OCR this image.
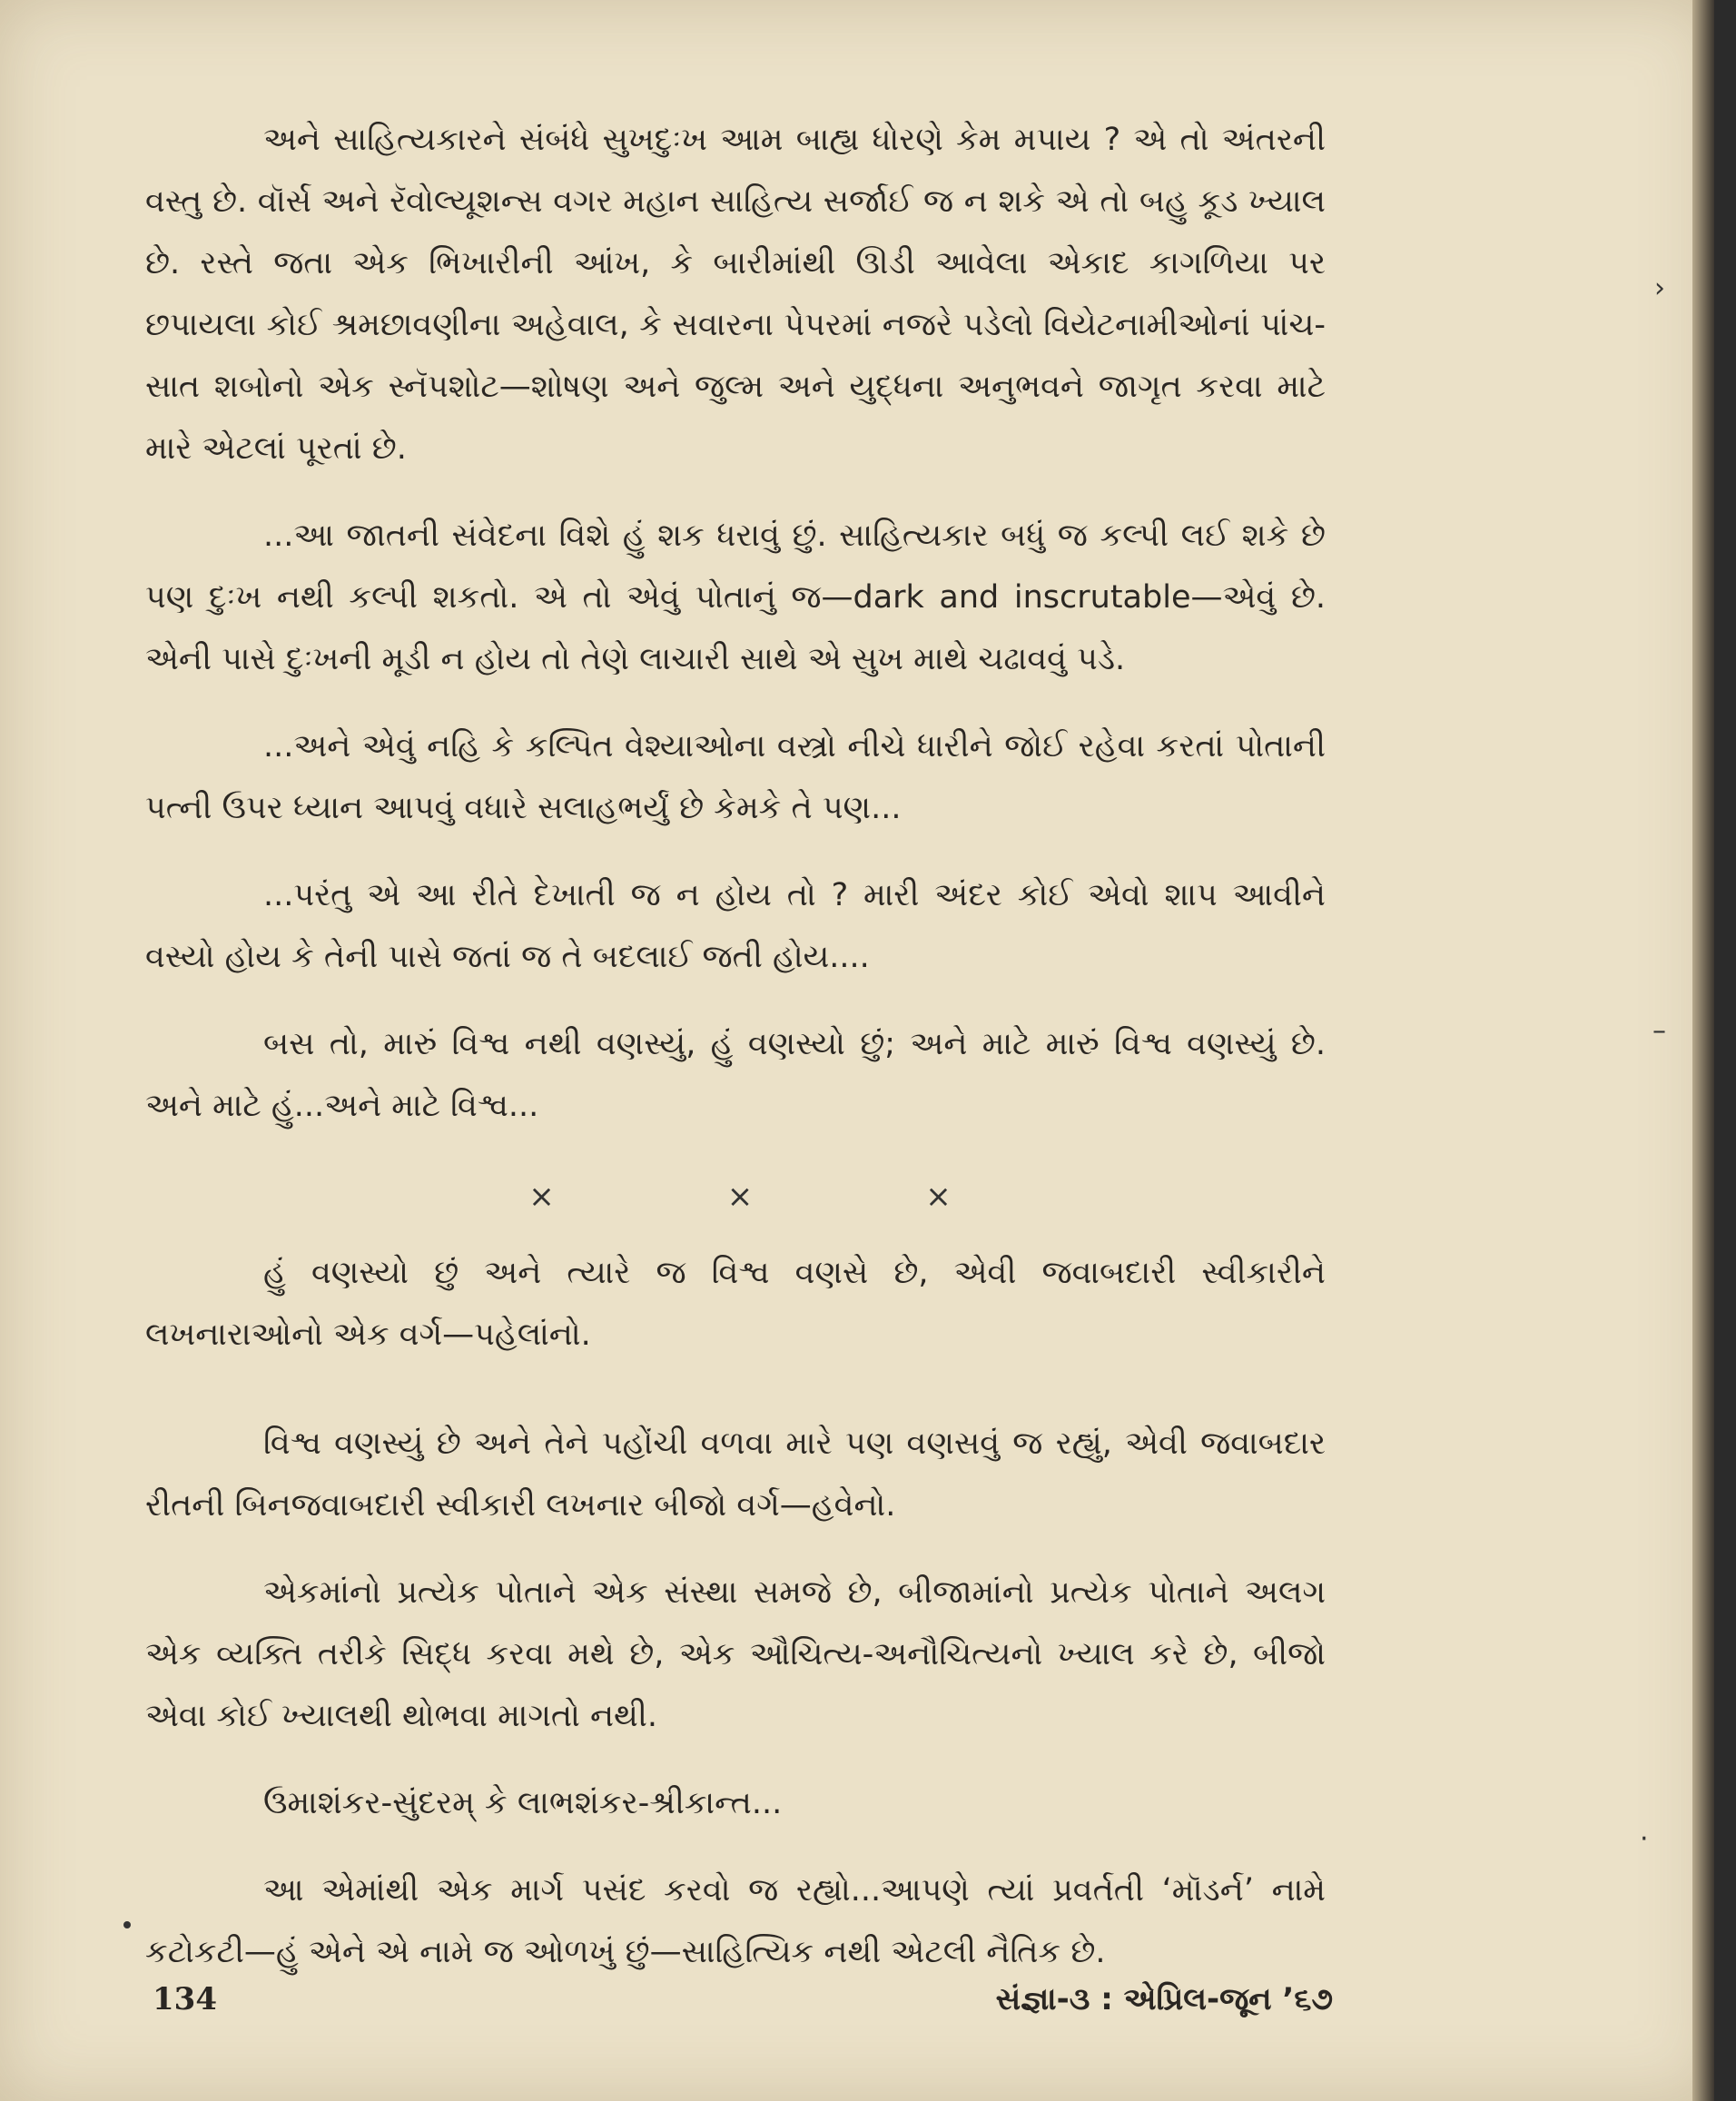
અને સાહિત્યકારને સંબંધે સુખદુઃખ આમ બાહ્ય ધોરણે કેમ મપાય ? એ તો અંતરની વસ્તુ છે. વૉર્સ અને રૅવોલ્યૂશન્સ વગર મહાન સાહિત્ય સર્જાઈ જ ન શકે એ તો બહુ કૂડ ખ્યાલ છે. રસ્તે જતા એક ભિખારીની આંખ, કે બારીમાંથી ઊડી આવેલા એકાદ કાગળિયા પર છપાયલા કોઈ શ્રમછાવણીના અહેવાલ, કે સવારના પેપરમાં નજરે પડેલો વિયેટનામીઓનાં પાંચ-સાત શબોનો એક સ્નૅપશોટ—શોષણ અને જુલ્મ અને યુદ્ધના અનુભવને જાગૃત કરવા માટે મારે એટલાં પૂરતાં છે.

...આ જાતની સંવેદના વિશે હું શક ધરાવું છું. સાહિત્યકાર બધું જ કલ્પી લઈ શકે છે પણ દુઃખ નથી કલ્પી શકતો. એ તો એવું પોતાનું જ—dark and inscrutable—એવું છે. એની પાસે દુઃખની મૂડી ન હોય તો તેણે લાચારી સાથે એ સુખ માથે ચઢાવવું પડે.

...અને એવું નહિ કે કલ્પિત વેશ્યાઓના વસ્ત્રો નીચે ધારીને જોઈ રહેવા કરતાં પોતાની પત્ની ઉપર ધ્યાન આપવું વધારે સલાહભર્યું છે કેમકે તે પણ...

...પરંતુ એ આ રીતે દેખાતી જ ન હોય તો ? મારી અંદર કોઈ એવો શાપ આવીને વસ્યો હોય કે તેની પાસે જતાં જ તે બદલાઈ જતી હોય....

બસ તો, મારું વિશ્વ નથી વણસ્યું, હું વણસ્યો છું; અને માટે મારું વિશ્વ વણસ્યું છે. અને માટે હું...અને માટે વિશ્વ...

×	×	×

હું વણસ્યો છું અને ત્યારે જ વિશ્વ વણસે છે, એવી જવાબદારી સ્વીકારીને લખનારાઓનો એક વર્ગ—પહેલાંનો.

વિશ્વ વણસ્યું છે અને તેને પહોંચી વળવા મારે પણ વણસવું જ રહ્યું, એવી જવાબદાર રીતની બિનજવાબદારી સ્વીકારી લખનાર બીજો વર્ગ—હવેનો.

એકમાંનો પ્રત્યેક પોતાને એક સંસ્થા સમજે છે, બીજામાંનો પ્રત્યેક પોતાને અલગ એક વ્યક્તિ તરીકે સિદ્ધ કરવા મથે છે, એક ઔચિત્ય-અનૌચિત્યનો ખ્યાલ કરે છે, બીજો એવા કોઈ ખ્યાલથી થોભવા માગતો નથી.

ઉમાશંકર-સુંદરમ્ કે લાભશંકર-શ્રીકાન્ત...

આ એમાંથી એક માર્ગ પસંદ કરવો જ રહ્યો...આપણે ત્યાં પ્રવર્તતી ‘મૉડર્ન’ નામે કટોકટી—હું એને એ નામે જ ઓળખું છું—સાહિત્યિક નથી એટલી નૈતિક છે.

›
–
·
134	સંજ્ઞા-૩ : એપ્રિલ-જૂન ’૬૭
